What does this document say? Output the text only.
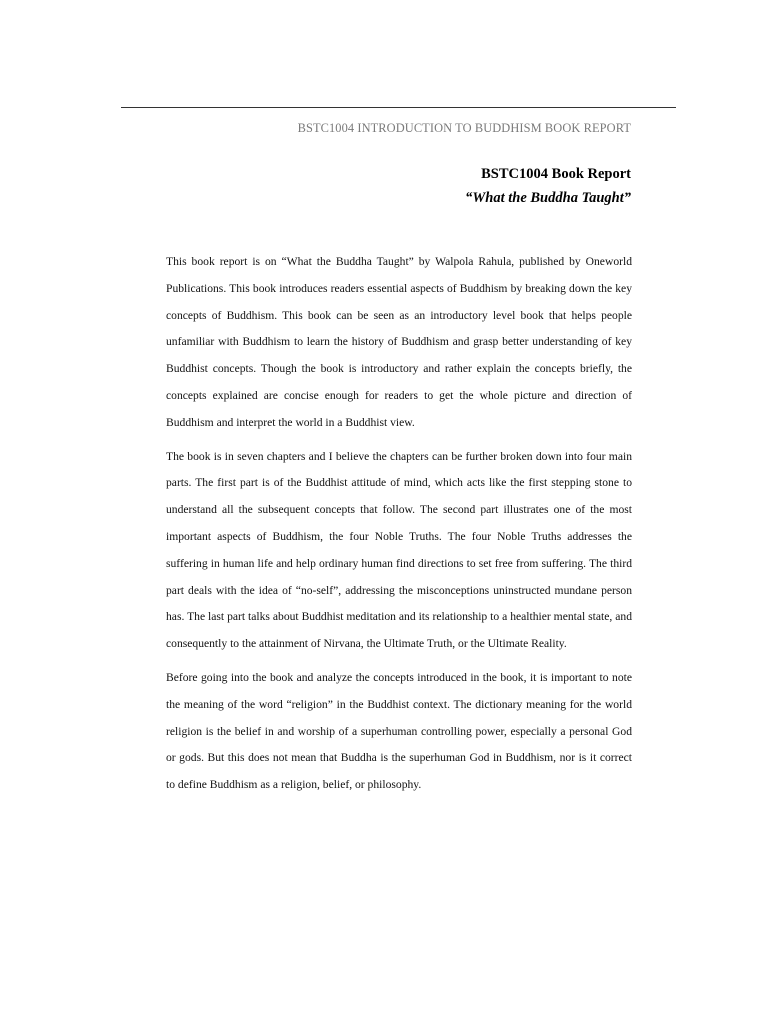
BSTC1004 INTRODUCTION TO BUDDHISM BOOK REPORT
BSTC1004 Book Report
“What the Buddha Taught”

This book report is on “What the Buddha Taught” by Walpola Rahula, published by Oneworld Publications. This book introduces readers essential aspects of Buddhism by breaking down the key concepts of Buddhism. This book can be seen as an introductory level book that helps people unfamiliar with Buddhism to learn the history of Buddhism and grasp better understanding of key Buddhist concepts. Though the book is introductory and rather explain the concepts briefly, the concepts explained are concise enough for readers to get the whole picture and direction of Buddhism and interpret the world in a Buddhist view.

The book is in seven chapters and I believe the chapters can be further broken down into four main parts. The first part is of the Buddhist attitude of mind, which acts like the first stepping stone to understand all the subsequent concepts that follow. The second part illustrates one of the most important aspects of Buddhism, the four Noble Truths. The four Noble Truths addresses the suffering in human life and help ordinary human find directions to set free from suffering. The third part deals with the idea of “no-self”, addressing the misconceptions uninstructed mundane person has. The last part talks about Buddhist meditation and its relationship to a healthier mental state, and consequently to the attainment of Nirvana, the Ultimate Truth, or the Ultimate Reality.

Before going into the book and analyze the concepts introduced in the book, it is important to note the meaning of the word “religion” in the Buddhist context. The dictionary meaning for the world religion is the belief in and worship of a superhuman controlling power, especially a personal God or gods. But this does not mean that Buddha is the superhuman God in Buddhism, nor is it correct to define Buddhism as a religion, belief, or philosophy.
